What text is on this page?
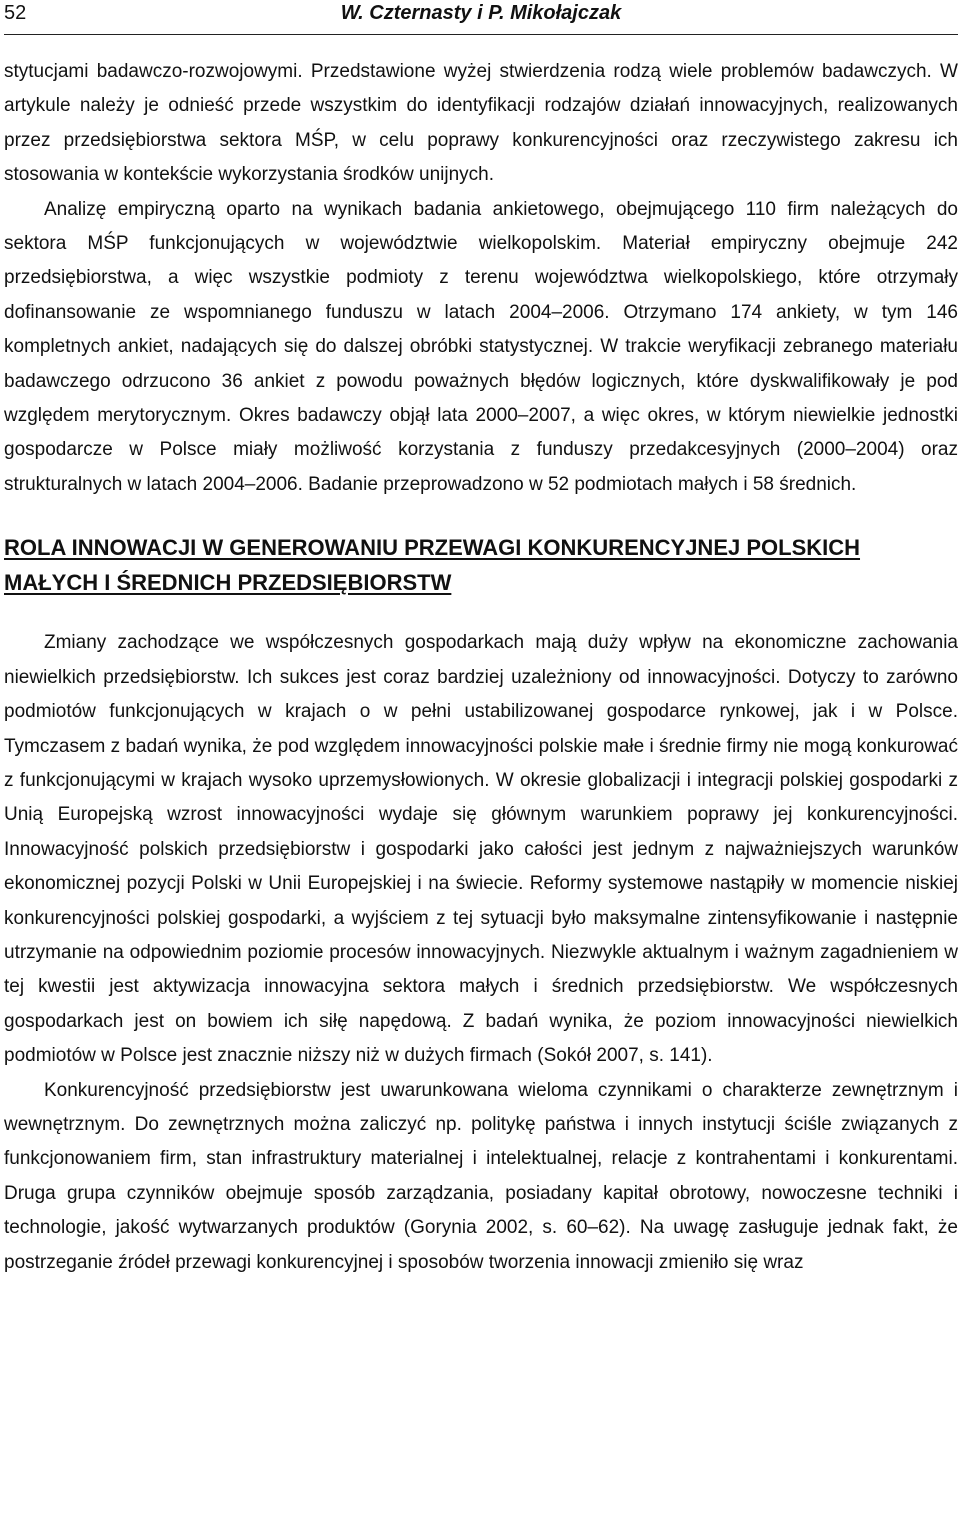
52	W. Czternasty i P. Mikołajczak

stytucjami badawczo-rozwojowymi. Przedstawione wyżej stwierdzenia rodzą wiele problemów badawczych. W artykule należy je odnieść przede wszystkim do identyfikacji rodzajów działań innowacyjnych, realizowanych przez przedsiębiorstwa sektora MŚP, w celu poprawy konkurencyjności oraz rzeczywistego zakresu ich stosowania w kontekście wykorzystania środków unijnych.

Analizę empiryczną oparto na wynikach badania ankietowego, obejmującego 110 firm należących do sektora MŚP funkcjonujących w województwie wielkopolskim. Materiał empiryczny obejmuje 242 przedsiębiorstwa, a więc wszystkie podmioty z terenu województwa wielkopolskiego, które otrzymały dofinansowanie ze wspomnianego funduszu w latach 2004–2006. Otrzymano 174 ankiety, w tym 146 kompletnych ankiet, nadających się do dalszej obróbki statystycznej. W trakcie weryfikacji zebranego materiału badawczego odrzucono 36 ankiet z powodu poważnych błędów logicznych, które dyskwalifikowały je pod względem merytorycznym. Okres badawczy objął lata 2000–2007, a więc okres, w którym niewielkie jednostki gospodarcze w Polsce miały możliwość korzystania z funduszy przedakcesyjnych (2000–2004) oraz strukturalnych w latach 2004–2006. Badanie przeprowadzono w 52 podmiotach małych i 58 średnich.

ROLA INNOWACJI W GENEROWANIU PRZEWAGI KONKURENCYJNEJ POLSKICH MAŁYCH I ŚREDNICH PRZEDSIĘBIORSTW

Zmiany zachodzące we współczesnych gospodarkach mają duży wpływ na ekonomiczne zachowania niewielkich przedsiębiorstw. Ich sukces jest coraz bardziej uzależniony od innowacyjności. Dotyczy to zarówno podmiotów funkcjonujących w krajach o w pełni ustabilizowanej gospodarce rynkowej, jak i w Polsce. Tymczasem z badań wynika, że pod względem innowacyjności polskie małe i średnie firmy nie mogą konkurować z funkcjonującymi w krajach wysoko uprzemysłowionych. W okresie globalizacji i integracji polskiej gospodarki z Unią Europejską wzrost innowacyjności wydaje się głównym warunkiem poprawy jej konkurencyjności. Innowacyjność polskich przedsiębiorstw i gospodarki jako całości jest jednym z najważniejszych warunków ekonomicznej pozycji Polski w Unii Europejskiej i na świecie. Reformy systemowe nastąpiły w momencie niskiej konkurencyjności polskiej gospodarki, a wyjściem z tej sytuacji było maksymalne zintensyfikowanie i następnie utrzymanie na odpowiednim poziomie procesów innowacyjnych. Niezwykle aktualnym i ważnym zagadnieniem w tej kwestii jest aktywizacja innowacyjna sektora małych i średnich przedsiębiorstw. We współczesnych gospodarkach jest on bowiem ich siłę napędową. Z badań wynika, że poziom innowacyjności niewielkich podmiotów w Polsce jest znacznie niższy niż w dużych firmach (Sokół 2007, s. 141).

Konkurencyjność przedsiębiorstw jest uwarunkowana wieloma czynnikami o charakterze zewnętrznym i wewnętrznym. Do zewnętrznych można zaliczyć np. politykę państwa i innych instytucji ściśle związanych z funkcjonowaniem firm, stan infrastruktury materialnej i intelektualnej, relacje z kontrahentami i konkurentami. Druga grupa czynników obejmuje sposób zarządzania, posiadany kapitał obrotowy, nowoczesne techniki i technologie, jakość wytwarzanych produktów (Gorynia 2002, s. 60–62). Na uwagę zasługuje jednak fakt, że postrzeganie źródeł przewagi konkurencyjnej i sposobów tworzenia innowacji zmieniło się wraz
